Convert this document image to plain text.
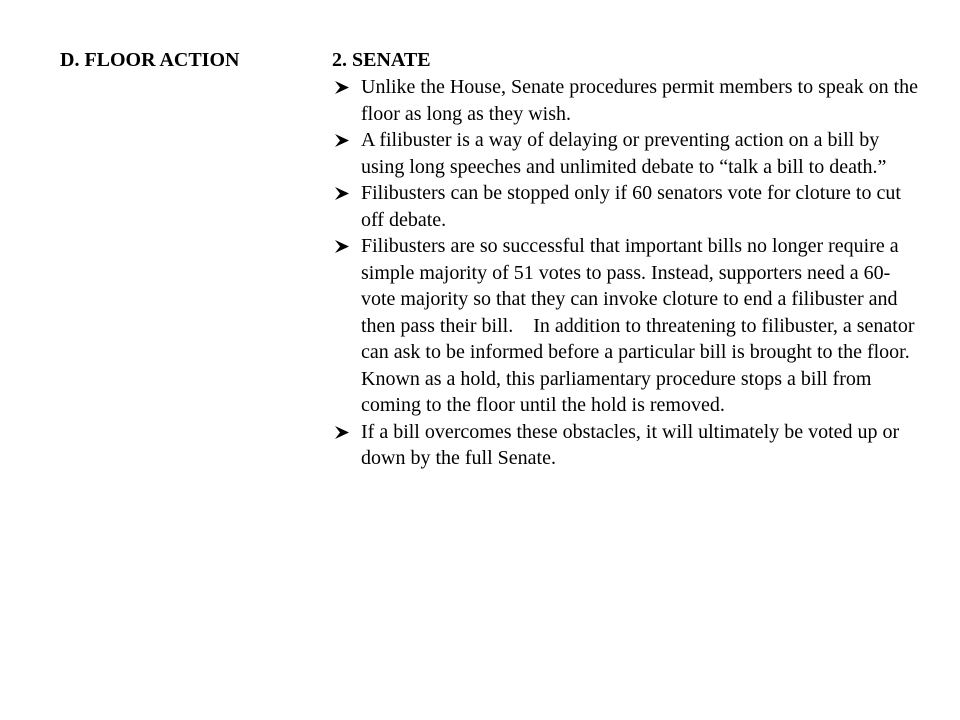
D. FLOOR ACTION	2. SENATE
Unlike the House, Senate procedures permit members to speak on the floor as long as they wish.
A filibuster is a way of delaying or preventing action on a bill by using long speeches and unlimited debate to “talk a bill to death.”
Filibusters can be stopped only if 60 senators vote for cloture to cut off debate.
Filibusters are so successful that important bills no longer require a simple majority of 51 votes to pass. Instead, supporters need a 60-vote majority so that they can invoke cloture to end a filibuster and then pass their bill.    In addition to threatening to filibuster, a senator can ask to be informed before a particular bill is brought to the floor. Known as a hold, this parliamentary procedure stops a bill from coming to the floor until the hold is removed.
If a bill overcomes these obstacles, it will ultimately be voted up or down by the full Senate.
